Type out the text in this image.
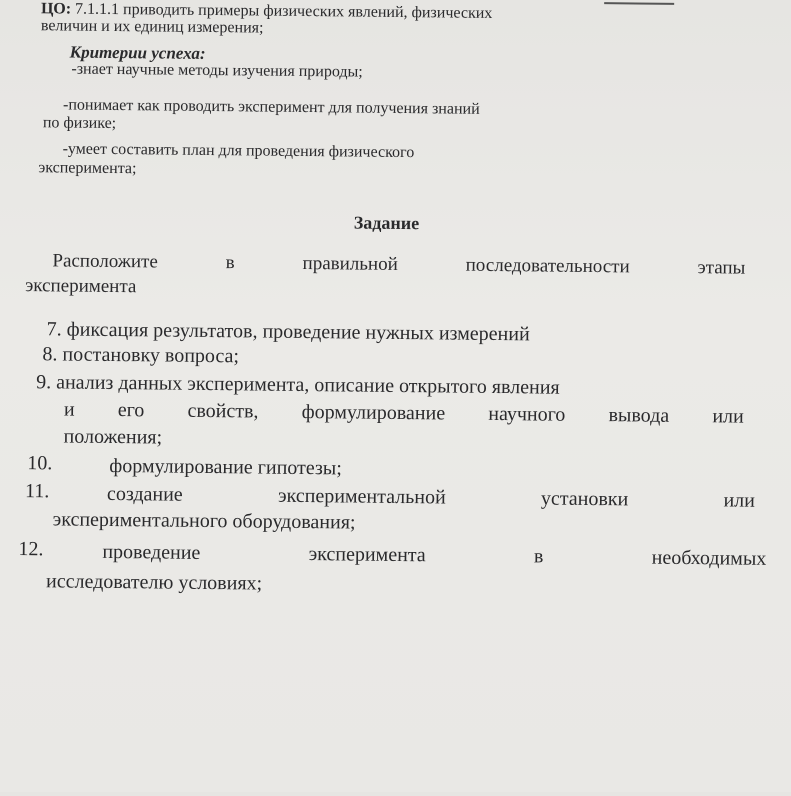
ЦО: 7.1.1.1 приводить примеры физических явлений, физических
величин и их единиц измерения;
Критерии успеха:
-знает научные методы изучения природы;
-понимает как проводить эксперимент для получения знаний
по физике;
-умеет составить план для проведения физического
эксперимента;
Задание
Расположите	в	правильной	последовательности	этапы
эксперимента
7. фиксация результатов, проведение нужных измерений
8. постановку вопроса;
9. анализ данных эксперимента, описание открытого явления
и его свойств, формулирование научного вывода или
положения;
10.	формулирование гипотезы;
11.	создание	экспериментальной	установки	или
экспериментального оборудования;
12.	проведение	эксперимента	в	необходимых
исследователю условиях;
